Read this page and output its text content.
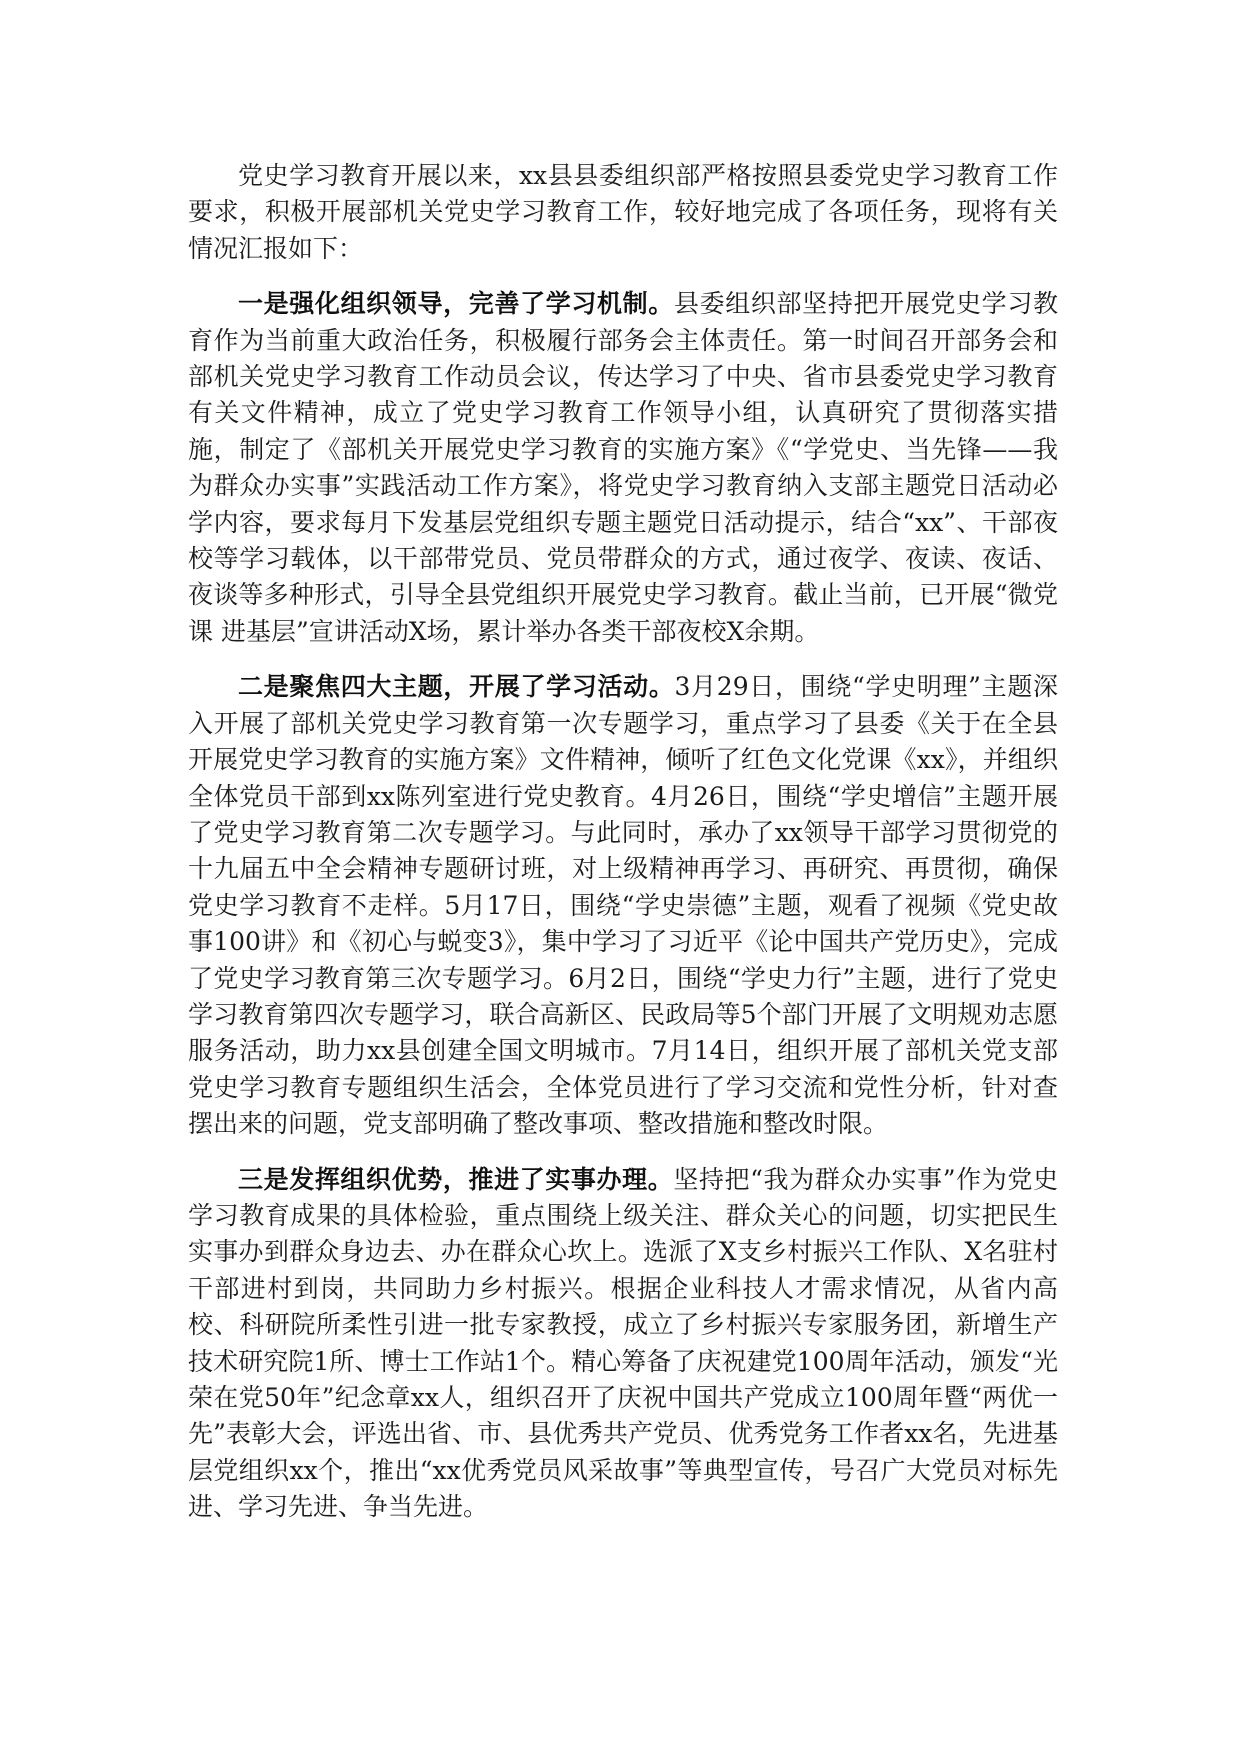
党史学习教育开展以来，xx县县委组织部严格按照县委党史学习教育工作要求，积极开展部机关党史学习教育工作，较好地完成了各项任务，现将有关情况汇报如下：

一是强化组织领导，完善了学习机制。县委组织部坚持把开展党史学习教育作为当前重大政治任务，积极履行部务会主体责任。第一时间召开部务会和部机关党史学习教育工作动员会议，传达学习了中央、省市县委党史学习教育有关文件精神，成立了党史学习教育工作领导小组，认真研究了贯彻落实措施，制定了《部机关开展党史学习教育的实施方案》《“学党史、当先锋——我为群众办实事”实践活动工作方案》，将党史学习教育纳入支部主题党日活动必学内容，要求每月下发基层党组织专题主题党日活动提示，结合“xx”、干部夜校等学习载体，以干部带党员、党员带群众的方式，通过夜学、夜读、夜话、夜谈等多种形式，引导全县党组织开展党史学习教育。截止当前，已开展“微党课 进基层”宣讲活动X场，累计举办各类干部夜校X余期。

二是聚焦四大主题，开展了学习活动。3月29日，围绕“学史明理”主题深入开展了部机关党史学习教育第一次专题学习，重点学习了县委《关于在全县开展党史学习教育的实施方案》文件精神，倾听了红色文化党课《xx》，并组织全体党员干部到xx陈列室进行党史教育。4月26日，围绕“学史增信”主题开展了党史学习教育第二次专题学习。与此同时，承办了xx领导干部学习贯彻党的十九届五中全会精神专题研讨班，对上级精神再学习、再研究、再贯彻，确保党史学习教育不走样。5月17日，围绕“学史崇德”主题，观看了视频《党史故事100讲》和《初心与蜕变3》，集中学习了习近平《论中国共产党历史》，完成了党史学习教育第三次专题学习。6月2日，围绕“学史力行”主题，进行了党史学习教育第四次专题学习，联合高新区、民政局等5个部门开展了文明规劝志愿服务活动，助力xx县创建全国文明城市。7月14日，组织开展了部机关党支部党史学习教育专题组织生活会，全体党员进行了学习交流和党性分析，针对查摆出来的问题，党支部明确了整改事项、整改措施和整改时限。

三是发挥组织优势，推进了实事办理。坚持把“我为群众办实事”作为党史学习教育成果的具体检验，重点围绕上级关注、群众关心的问题，切实把民生实事办到群众身边去、办在群众心坎上。选派了X支乡村振兴工作队、X名驻村干部进村到岗，共同助力乡村振兴。根据企业科技人才需求情况，从省内高校、科研院所柔性引进一批专家教授，成立了乡村振兴专家服务团，新增生产技术研究院1所、博士工作站1个。精心筹备了庆祝建党100周年活动，颁发“光荣在党50年”纪念章xx人，组织召开了庆祝中国共产党成立100周年暨“两优一先”表彰大会，评选出省、市、县优秀共产党员、优秀党务工作者xx名，先进基层党组织xx个，推出“xx优秀党员风采故事”等典型宣传，号召广大党员对标先进、学习先进、争当先进。
